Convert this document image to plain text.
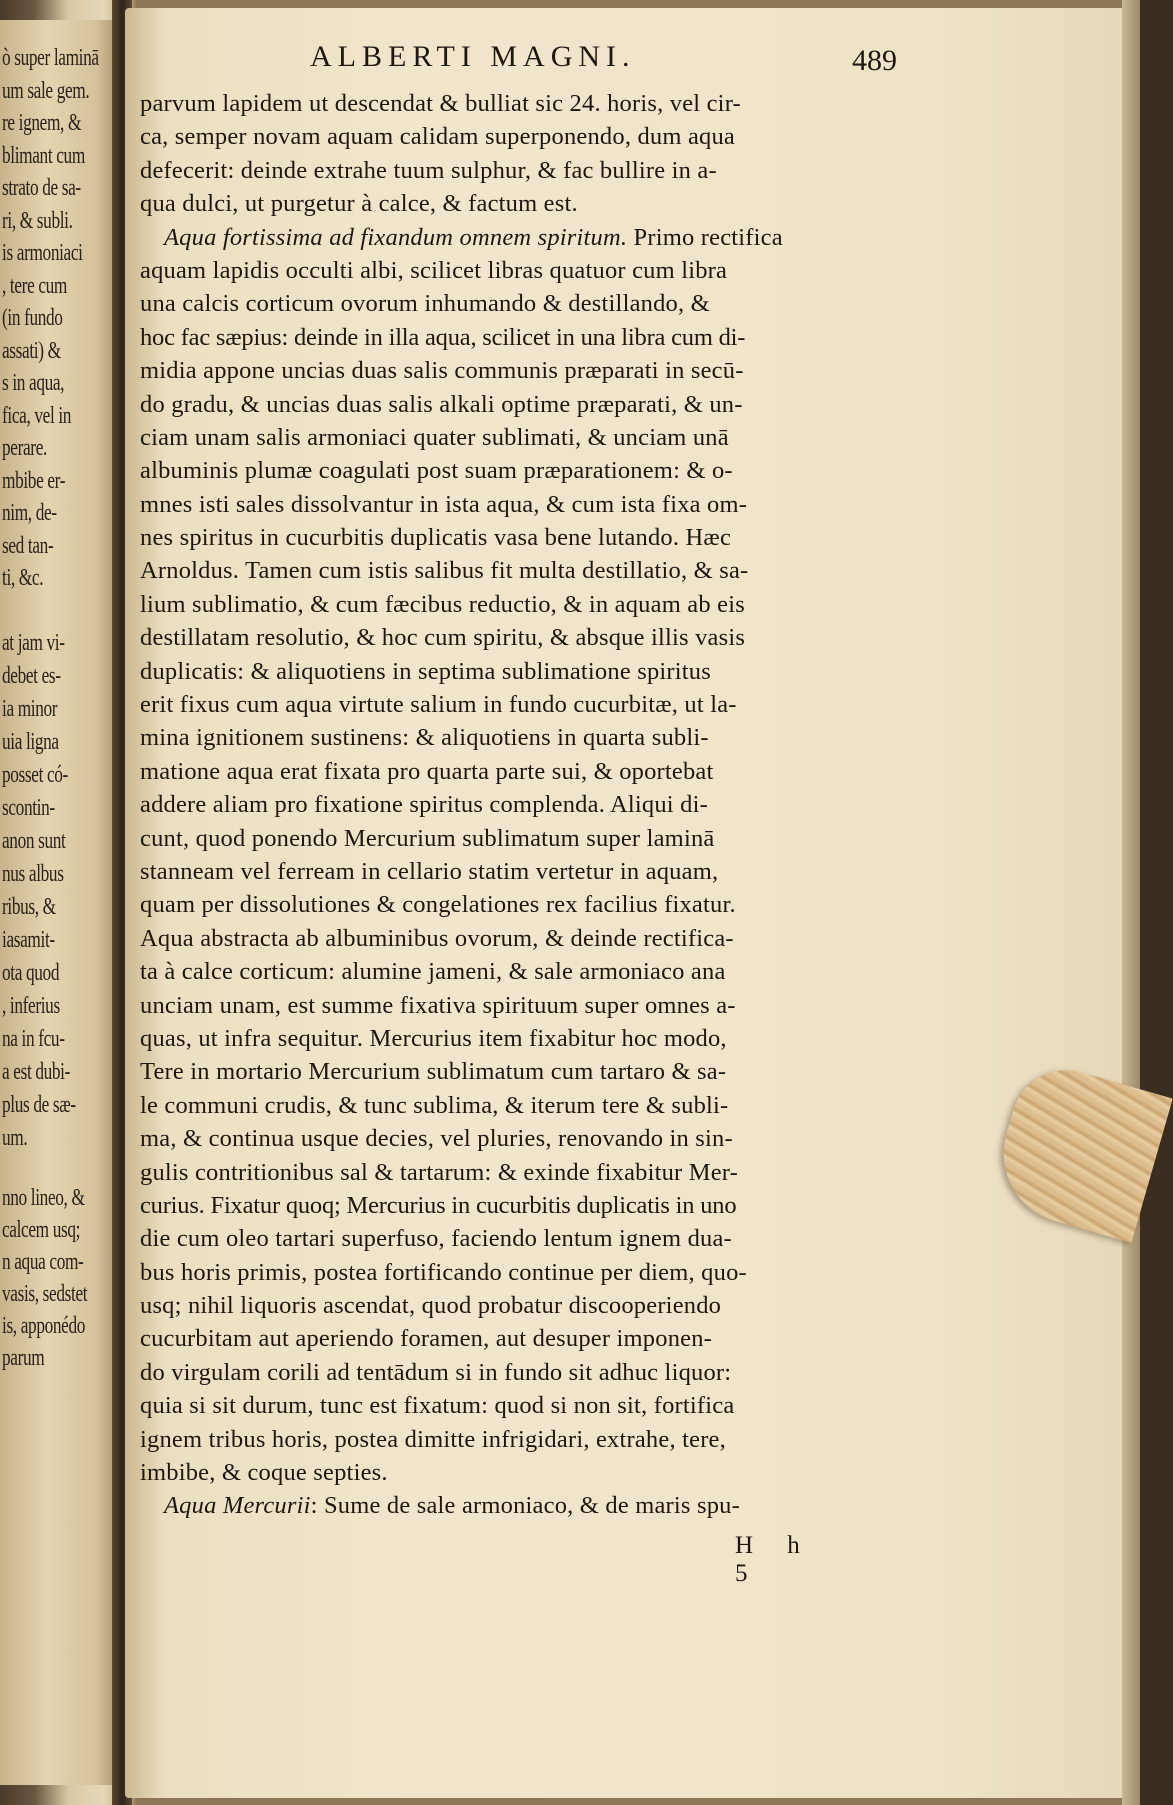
ò super laminā
um sale gem.
re ignem, &
blimant cum
strato de sa-
ri, & subli.
is armoniaci
, tere cum
(in fundo
assati) &
s in aqua,
fica, vel in
perare.
mbibe er-
nim, de-
sed tan-
ti, &c.
at jam vi-
debet es-
ia minor
uia ligna
posset có-
scontin-
anon sunt
nus albus
ribus, &
iasamit-
ota quod
, inferius
na in fcu-
a est dubi-
plus de sæ-
um.
nno lineo, &
calcem usq;
n aqua com-
vasis, sedstet
is, apponédo
parum
ALBERTI MAGNI.	489
parvum lapidem ut descendat & bulliat sic 24. horis, vel cir-
ca, semper novam aquam calidam superponendo, dum aqua
defecerit: deinde extrahe tuum sulphur, & fac bullire in a-
qua dulci, ut purgetur à calce, & factum est.
Aqua fortissima ad fixandum omnem spiritum. Primo rectifica
aquam lapidis occulti albi, scilicet libras quatuor cum libra
una calcis corticum ovorum inhumando & destillando, &
hoc fac sæpius: deinde in illa aqua, scilicet in una libra cum di-
midia appone uncias duas salis communis præparati in secū-
do gradu, & uncias duas salis alkali optime præparati, & un-
ciam unam salis armoniaci quater sublimati, & unciam unā
albuminis plumæ coagulati post suam præparationem: & o-
mnes isti sales dissolvantur in ista aqua, & cum ista fixa om-
nes spiritus in cucurbitis duplicatis vasa bene lutando. Hæc
Arnoldus. Tamen cum istis salibus fit multa destillatio, & sa-
lium sublimatio, & cum fæcibus reductio, & in aquam ab eis
destillatam resolutio, & hoc cum spiritu, & absque illis vasis
duplicatis: & aliquotiens in septima sublimatione spiritus
erit fixus cum aqua virtute salium in fundo cucurbitæ, ut la-
mina ignitionem sustinens: & aliquotiens in quarta subli-
matione aqua erat fixata pro quarta parte sui, & oportebat
addere aliam pro fixatione spiritus complenda. Aliqui di-
cunt, quod ponendo Mercurium sublimatum super laminā
stanneam vel ferream in cellario statim vertetur in aquam,
quam per dissolutiones & congelationes rex facilius fixatur.
Aqua abstracta ab albuminibus ovorum, & deinde rectifica-
ta à calce corticum: alumine jameni, & sale armoniaco ana
unciam unam, est summe fixativa spirituum super omnes a-
quas, ut infra sequitur. Mercurius item fixabitur hoc modo,
Tere in mortario Mercurium sublimatum cum tartaro & sa-
le communi crudis, & tunc sublima, & iterum tere & subli-
ma, & continua usque decies, vel pluries, renovando in sin-
gulis contritionibus sal & tartarum: & exinde fixabitur Mer-
curius. Fixatur quoq; Mercurius in cucurbitis duplicatis in uno
die cum oleo tartari superfuso, faciendo lentum ignem dua-
bus horis primis, postea fortificando continue per diem, quo-
usq; nihil liquoris ascendat, quod probatur discooperiendo
cucurbitam aut aperiendo foramen, aut desuper imponen-
do virgulam corili ad tentādum si in fundo sit adhuc liquor:
quia si sit durum, tunc est fixatum: quod si non sit, fortifica
ignem tribus horis, postea dimitte infrigidari, extrahe, tere,
imbibe, & coque septies.
Aqua Mercurii: Sume de sale armoniaco, & de maris spu-
H h 5
